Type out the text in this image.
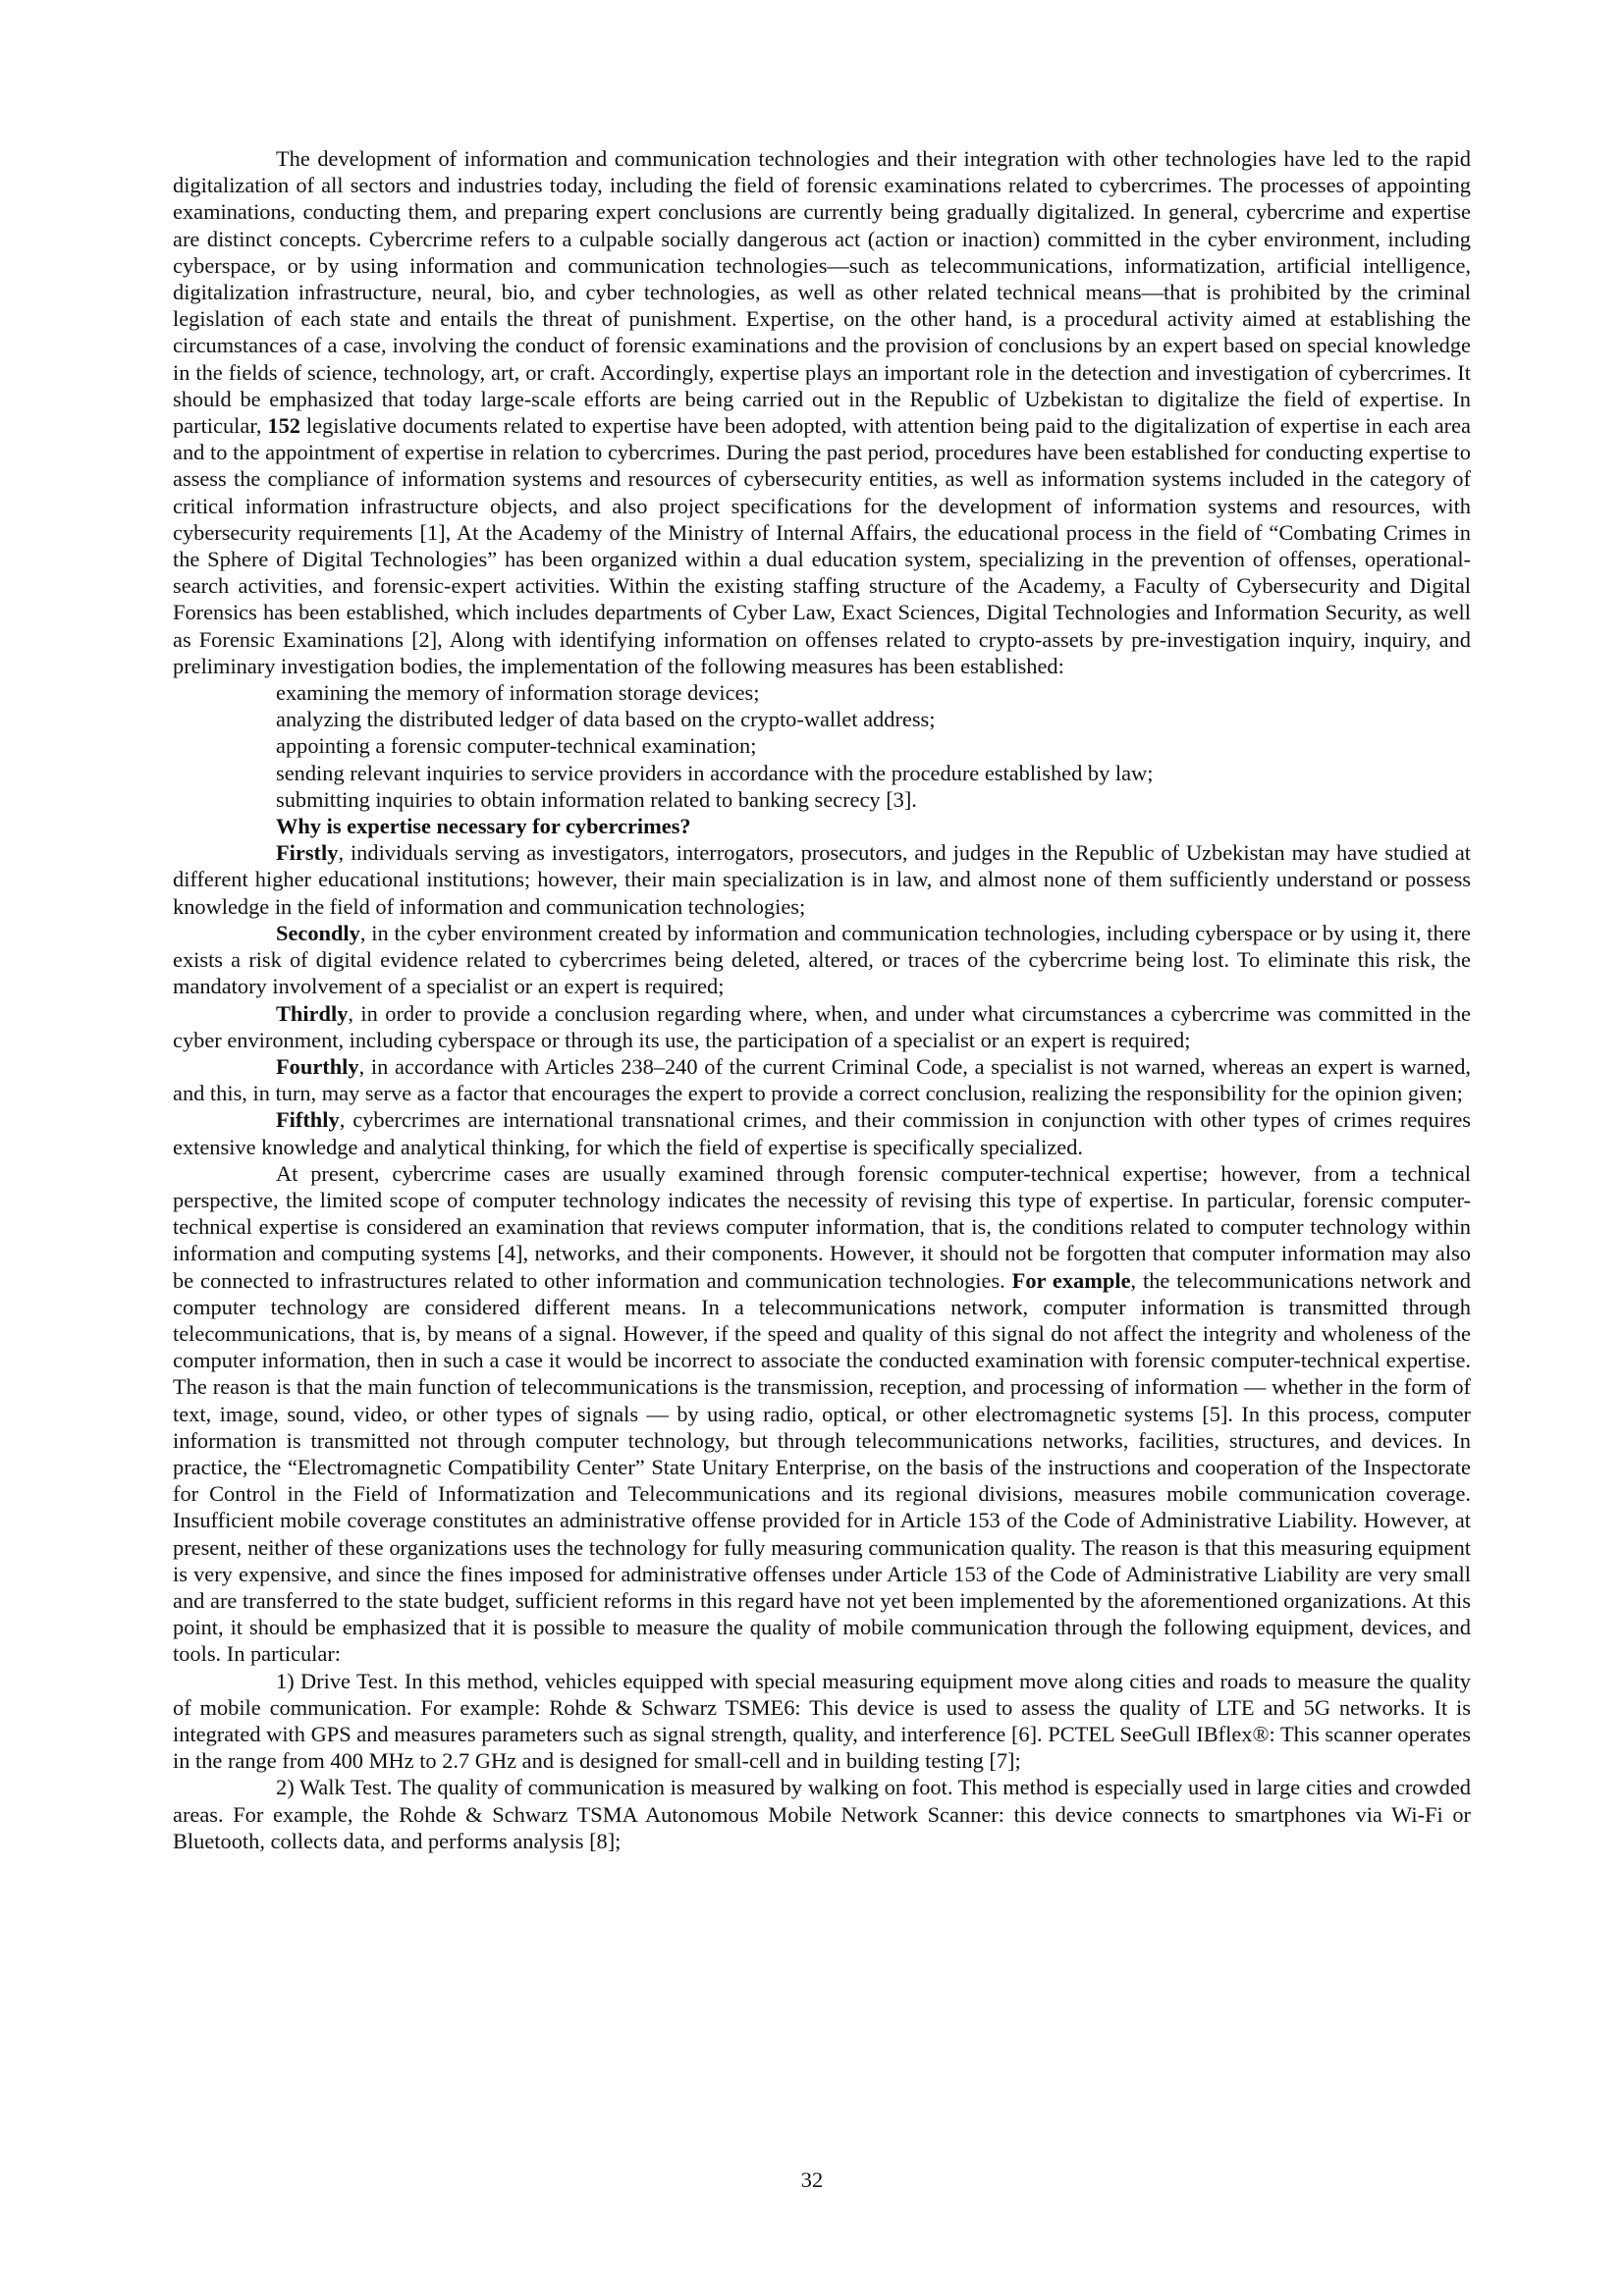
The development of information and communication technologies and their integration with other technologies have led to the rapid digitalization of all sectors and industries today, including the field of forensic examinations related to cybercrimes. The processes of appointing examinations, conducting them, and preparing expert conclusions are currently being gradually digitalized. In general, cybercrime and expertise are distinct concepts. Cybercrime refers to a culpable socially dangerous act (action or inaction) committed in the cyber environment, including cyberspace, or by using information and communication technologies—such as telecommunications, informatization, artificial intelligence, digitalization infrastructure, neural, bio, and cyber technologies, as well as other related technical means—that is prohibited by the criminal legislation of each state and entails the threat of punishment. Expertise, on the other hand, is a procedural activity aimed at establishing the circumstances of a case, involving the conduct of forensic examinations and the provision of conclusions by an expert based on special knowledge in the fields of science, technology, art, or craft. Accordingly, expertise plays an important role in the detection and investigation of cybercrimes. It should be emphasized that today large-scale efforts are being carried out in the Republic of Uzbekistan to digitalize the field of expertise. In particular, 152 legislative documents related to expertise have been adopted, with attention being paid to the digitalization of expertise in each area and to the appointment of expertise in relation to cybercrimes. During the past period, procedures have been established for conducting expertise to assess the compliance of information systems and resources of cybersecurity entities, as well as information systems included in the category of critical information infrastructure objects, and also project specifications for the development of information systems and resources, with cybersecurity requirements [1], At the Academy of the Ministry of Internal Affairs, the educational process in the field of “Combating Crimes in the Sphere of Digital Technologies” has been organized within a dual education system, specializing in the prevention of offenses, operational-search activities, and forensic-expert activities. Within the existing staffing structure of the Academy, a Faculty of Cybersecurity and Digital Forensics has been established, which includes departments of Cyber Law, Exact Sciences, Digital Technologies and Information Security, as well as Forensic Examinations [2], Along with identifying information on offenses related to crypto-assets by pre-investigation inquiry, inquiry, and preliminary investigation bodies, the implementation of the following measures has been established:

examining the memory of information storage devices;

analyzing the distributed ledger of data based on the crypto-wallet address;

appointing a forensic computer-technical examination;

sending relevant inquiries to service providers in accordance with the procedure established by law;

submitting inquiries to obtain information related to banking secrecy [3].

Why is expertise necessary for cybercrimes?

Firstly, individuals serving as investigators, interrogators, prosecutors, and judges in the Republic of Uzbekistan may have studied at different higher educational institutions; however, their main specialization is in law, and almost none of them sufficiently understand or possess knowledge in the field of information and communication technologies;

Secondly, in the cyber environment created by information and communication technologies, including cyberspace or by using it, there exists a risk of digital evidence related to cybercrimes being deleted, altered, or traces of the cybercrime being lost. To eliminate this risk, the mandatory involvement of a specialist or an expert is required;

Thirdly, in order to provide a conclusion regarding where, when, and under what circumstances a cybercrime was committed in the cyber environment, including cyberspace or through its use, the participation of a specialist or an expert is required;

Fourthly, in accordance with Articles 238–240 of the current Criminal Code, a specialist is not warned, whereas an expert is warned, and this, in turn, may serve as a factor that encourages the expert to provide a correct conclusion, realizing the responsibility for the opinion given;

Fifthly, cybercrimes are international transnational crimes, and their commission in conjunction with other types of crimes requires extensive knowledge and analytical thinking, for which the field of expertise is specifically specialized.

At present, cybercrime cases are usually examined through forensic computer-technical expertise; however, from a technical perspective, the limited scope of computer technology indicates the necessity of revising this type of expertise. In particular, forensic computer-technical expertise is considered an examination that reviews computer information, that is, the conditions related to computer technology within information and computing systems [4], networks, and their components. However, it should not be forgotten that computer information may also be connected to infrastructures related to other information and communication technologies. For example, the telecommunications network and computer technology are considered different means. In a telecommunications network, computer information is transmitted through telecommunications, that is, by means of a signal. However, if the speed and quality of this signal do not affect the integrity and wholeness of the computer information, then in such a case it would be incorrect to associate the conducted examination with forensic computer-technical expertise. The reason is that the main function of telecommunications is the transmission, reception, and processing of information — whether in the form of text, image, sound, video, or other types of signals — by using radio, optical, or other electromagnetic systems [5]. In this process, computer information is transmitted not through computer technology, but through telecommunications networks, facilities, structures, and devices. In practice, the “Electromagnetic Compatibility Center” State Unitary Enterprise, on the basis of the instructions and cooperation of the Inspectorate for Control in the Field of Informatization and Telecommunications and its regional divisions, measures mobile communication coverage. Insufficient mobile coverage constitutes an administrative offense provided for in Article 153 of the Code of Administrative Liability. However, at present, neither of these organizations uses the technology for fully measuring communication quality. The reason is that this measuring equipment is very expensive, and since the fines imposed for administrative offenses under Article 153 of the Code of Administrative Liability are very small and are transferred to the state budget, sufficient reforms in this regard have not yet been implemented by the aforementioned organizations. At this point, it should be emphasized that it is possible to measure the quality of mobile communication through the following equipment, devices, and tools. In particular:

1) Drive Test. In this method, vehicles equipped with special measuring equipment move along cities and roads to measure the quality of mobile communication. For example: Rohde & Schwarz TSME6: This device is used to assess the quality of LTE and 5G networks. It is integrated with GPS and measures parameters such as signal strength, quality, and interference [6]. PCTEL SeeGull IBflex®: This scanner operates in the range from 400 MHz to 2.7 GHz and is designed for small-cell and in building testing [7];

2) Walk Test. The quality of communication is measured by walking on foot. This method is especially used in large cities and crowded areas. For example, the Rohde & Schwarz TSMA Autonomous Mobile Network Scanner: this device connects to smartphones via Wi-Fi or Bluetooth, collects data, and performs analysis [8];

32
